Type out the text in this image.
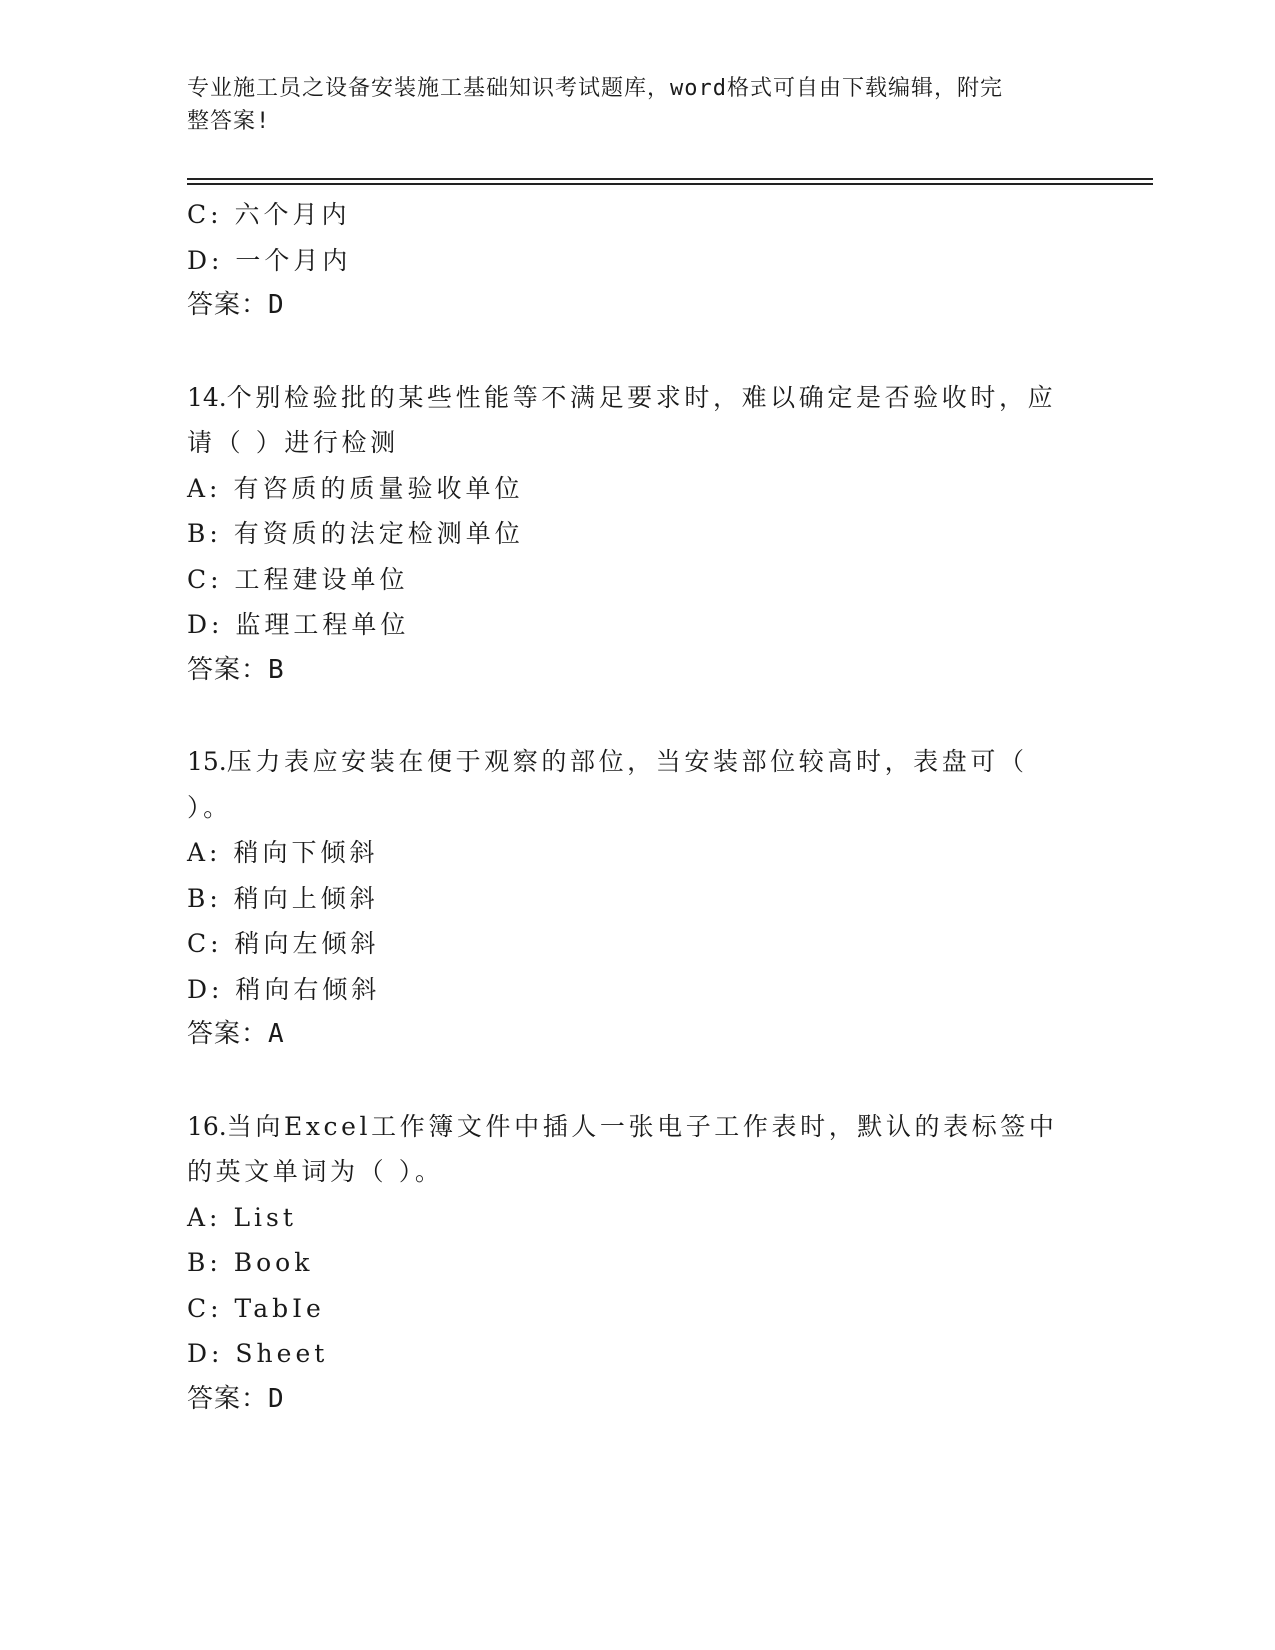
专业施工员之设备安装施工基础知识考试题库，word格式可自由下载编辑，附完
整答案!
C: 六个月内
D: 一个月内
答案：D
14.个别检验批的某些性能等不满足要求时，难以确定是否验收时，应
请（ ）进行检测
A: 有咨质的质量验收单位
B: 有资质的法定检测单位
C: 工程建设单位
D: 监理工程单位
答案：B
15.压力表应安装在便于观察的部位，当安装部位较高时，表盘可（
）。
A: 稍向下倾斜
B: 稍向上倾斜
C: 稍向左倾斜
D: 稍向右倾斜
答案：A
16.当向Excel工作簿文件中插人一张电子工作表时，默认的表标签中
的英文单词为（ ）。
A: List
B: Book
C: TabIe
D: Sheet
答案：D
